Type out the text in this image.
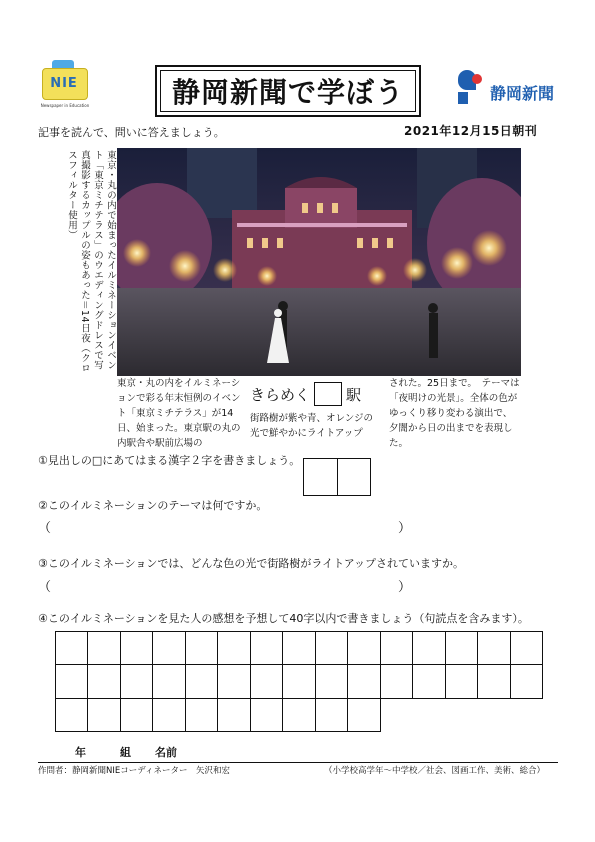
NIE
Newspaper in Education	静岡新聞で学ぼう	静岡新聞
記事を読んで、問いに答えましょう。	2021年12月15日朝刊
東京・丸の内で始まったイルミネーションイベント「東京ミチテラス」のウエディングドレスで写真撮影するカップルの姿もあった＝14日夜（クロスフィルター使用）
東京・丸の内をイルミネーションで彩る年末恒例のイベント「東京ミチテラス」が14日、始まった。東京駅の丸の内駅舎や駅前広場の
きらめく 駅
街路樹が紫や青、オレンジの光で鮮やかにライトアップ
された。25日まで。　テーマは「夜明けの光景」。全体の色がゆっくり移り変わる演出で、夕闇から日の出までを表現した。
①見出しの□にあてはまる漢字２字を書きましょう。
②このイルミネーションのテーマは何ですか。
（	）
③このイルミネーションでは、どんな色の光で街路樹がライトアップされていますか。
（	）
④このイルミネーションを見た人の感想を予想して40字以内で書きましょう（句読点を含みます）。
年	組 名前
作問者：静岡新聞NIEコーディネーター　矢沢和宏	（小学校高学年～中学校／社会、図画工作、美術、総合）
